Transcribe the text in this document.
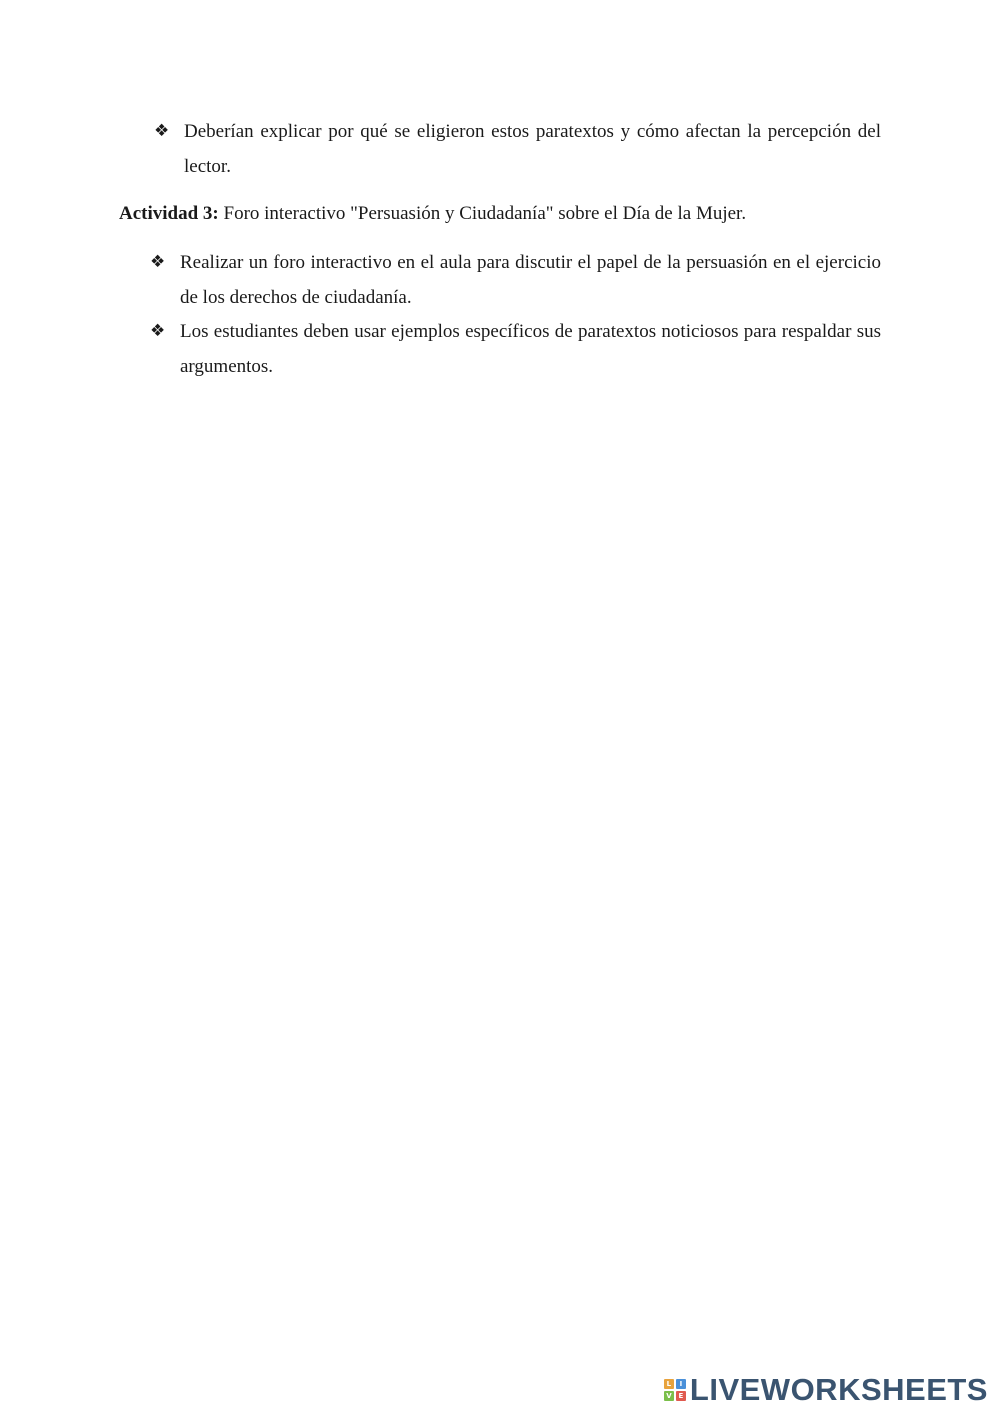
❖ Deberían explicar por qué se eligieron estos paratextos y cómo afectan la percepción del lector.
Actividad 3: Foro interactivo "Persuasión y Ciudadanía" sobre el Día de la Mujer.
❖ Realizar un foro interactivo en el aula para discutir el papel de la persuasión en el ejercicio de los derechos de ciudadanía.
❖ Los estudiantes deben usar ejemplos específicos de paratextos noticiosos para respaldar sus argumentos.
L	I
V E LIVEWORKSHEETS
